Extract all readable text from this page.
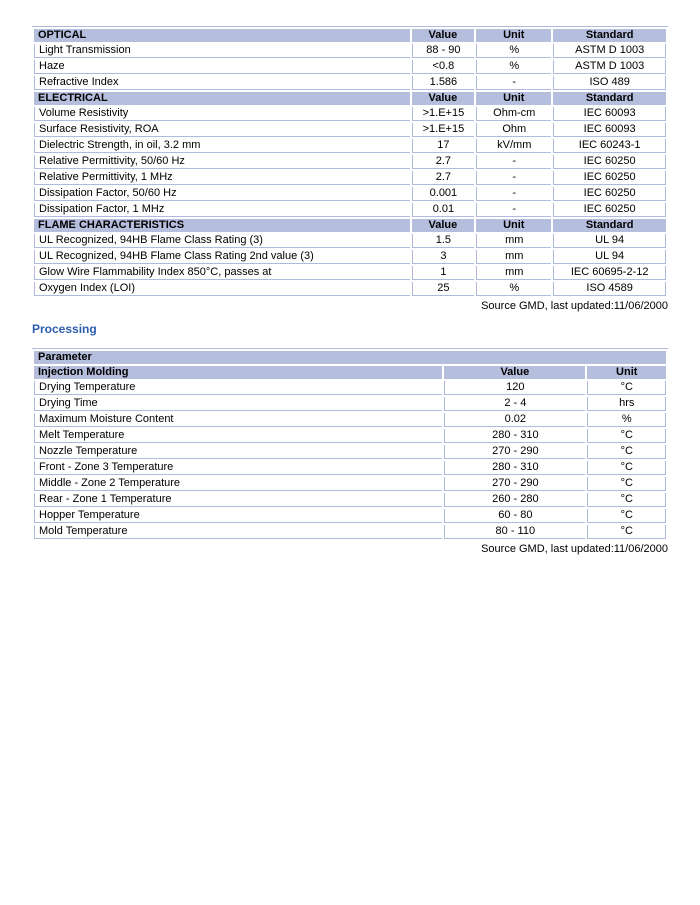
OPTICAL	Value	Unit	Standard
Light Transmission	88 - 90	%	ASTM D 1003
Haze	<0.8	%	ASTM D 1003
Refractive Index	1.586	-	ISO 489
ELECTRICAL	Value	Unit	Standard
Volume Resistivity	>1.E+15	Ohm-cm	IEC 60093
Surface Resistivity, ROA	>1.E+15	Ohm	IEC 60093
Dielectric Strength, in oil, 3.2 mm	17	kV/mm	IEC 60243-1
Relative Permittivity, 50/60 Hz	2.7	-	IEC 60250
Relative Permittivity, 1 MHz	2.7	-	IEC 60250
Dissipation Factor, 50/60 Hz	0.001	-	IEC 60250
Dissipation Factor, 1 MHz	0.01	-	IEC 60250
FLAME CHARACTERISTICS	Value	Unit	Standard
UL Recognized, 94HB Flame Class Rating (3)	1.5	mm	UL 94
UL Recognized, 94HB Flame Class Rating 2nd value (3)	3	mm	UL 94
Glow Wire Flammability Index 850°C, passes at	1	mm	IEC 60695-2-12
Oxygen Index (LOI)	25	%	ISO 4589
Source GMD, last updated:11/06/2000
Processing
Parameter		
Injection Molding	Value	Unit
Drying Temperature	120	°C
Drying Time	2 - 4	hrs
Maximum Moisture Content	0.02	%
Melt Temperature	280 - 310	°C
Nozzle Temperature	270 - 290	°C
Front - Zone 3 Temperature	280 - 310	°C
Middle - Zone 2 Temperature	270 - 290	°C
Rear - Zone 1 Temperature	260 - 280	°C
Hopper Temperature	60 - 80	°C
Mold Temperature	80 - 110	°C
Source GMD, last updated:11/06/2000
